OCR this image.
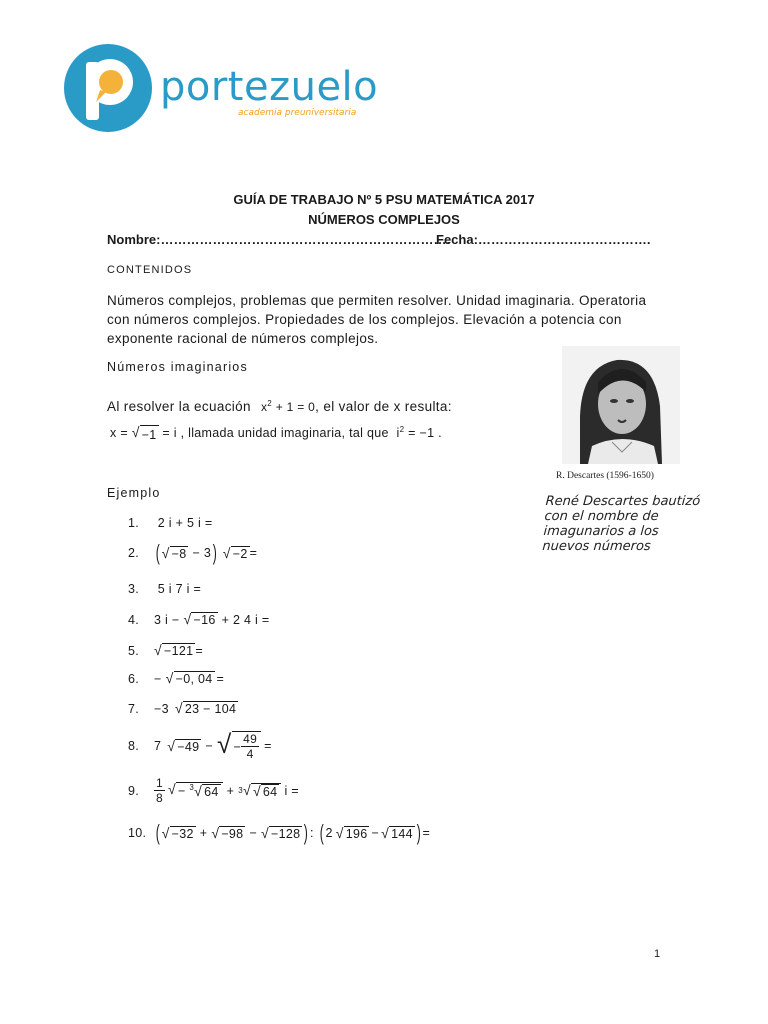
portezuelo
academia preuniversitaria
GUÍA DE TRABAJO Nº 5 PSU MATEMÁTICA 2017
NÚMEROS COMPLEJOS
Nombre:………………………………………………………….
Fecha:………………………………….
CONTENIDOS
Números complejos, problemas que permiten resolver. Unidad imaginaria. Operatoria
con números complejos. Propiedades de los complejos. Elevación a potencia con
exponente racional de números complejos.
Números imaginarios
Al resolver la ecuación $x^2 + 1 = 0$, el valor de x resulta:
x = √ −1 = i , llamada unidad imaginaria, tal que $i^2 = -1$ .
R. Descartes (1596-1650)
René Descartes bautizó
con el nombre de
imagunarios a los
nuevos números
Ejemplo
1. 2 i + 5 i =
2. ( √ −8 − 3 ) √ −2 =
3. 5 i 7 i =
4.	3 i − √ −16 + 2 4 i =
5.	√ −121 =
6.	− √ −0, 04 =
7.	−3 √ 23 − 104
8.	7 √ −49 − √ − $\frac{49}{4}$ =
9.	$\frac{1}{8}$ √ − $^3$ √ 64 + 3 √ √ 64 i =
10. ( √ −32 + √ −98 − √ −128 ) : ( 2 √ 196 − √ 144 ) =
1
